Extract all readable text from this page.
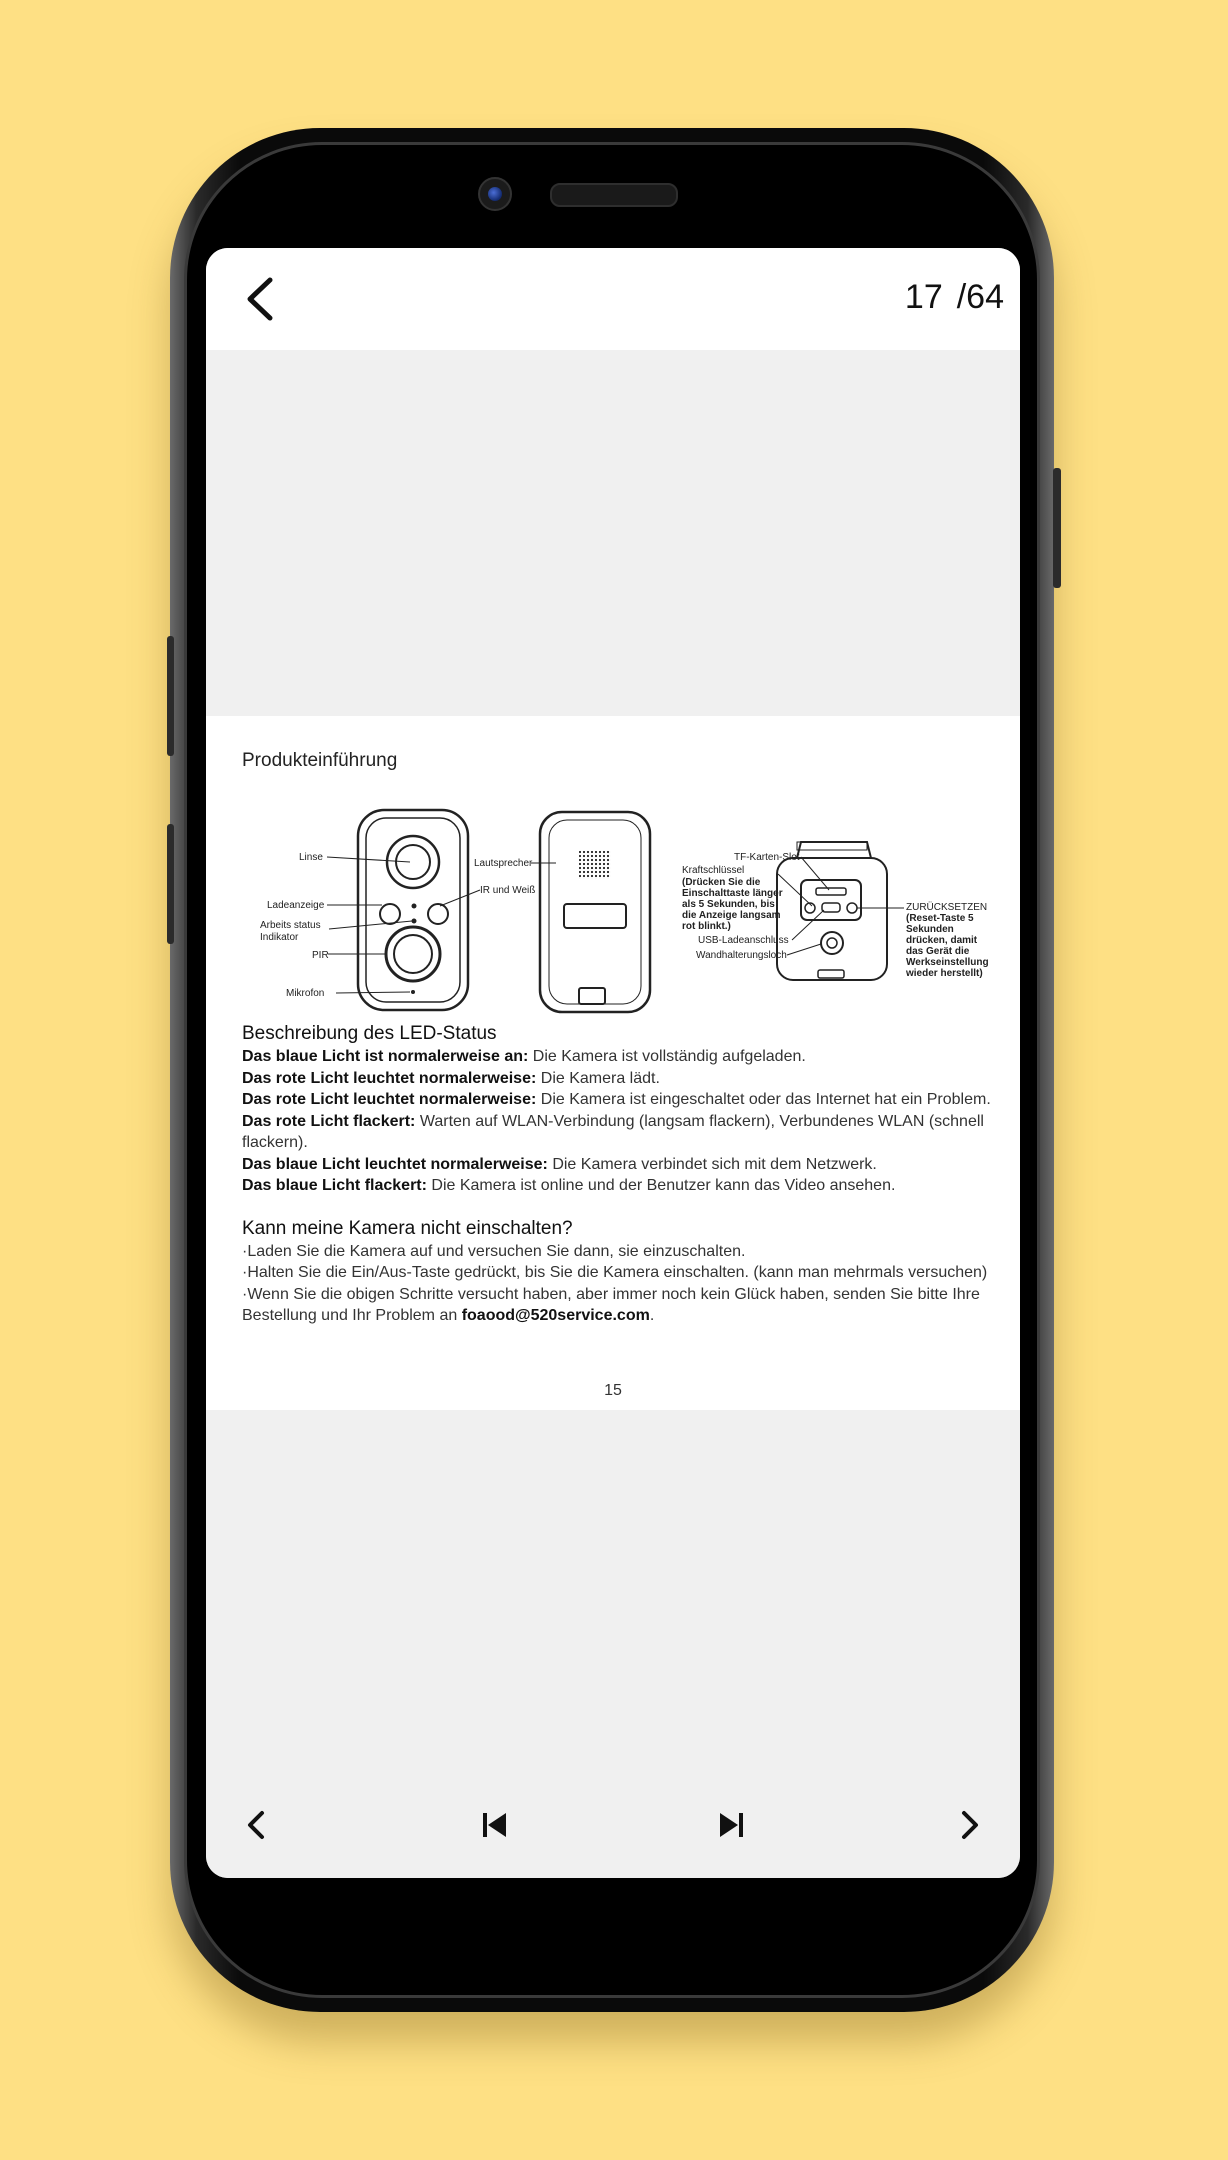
17 /64
Produkteinführung
Linse
Ladeanzeige
Arbeits status
Indikator
PIR
Mikrofon
Lautsprecher
IR und Weiß
TF-Karten-Slot
Kraftschlüssel
(Drücken Sie die
Einschalttaste länger
als 5 Sekunden, bis
die Anzeige langsam
rot blinkt.)
USB-Ladeanschluss
Wandhalterungsloch
ZURÜCKSETZEN
(Reset-Taste 5
Sekunden
drücken, damit
das Gerät die
Werkseinstellung
wieder herstellt)
Beschreibung des LED-Status

Das blaue Licht ist normalerweise an: Die Kamera ist vollständig aufgeladen.

Das rote Licht leuchtet normalerweise: Die Kamera lädt.

Das rote Licht leuchtet normalerweise: Die Kamera ist eingeschaltet oder das Internet hat ein Problem.

Das rote Licht flackert: Warten auf WLAN-Verbindung (langsam flackern), Verbundenes WLAN (schnell flackern).

Das blaue Licht leuchtet normalerweise: Die Kamera verbindet sich mit dem Netzwerk.

Das blaue Licht flackert: Die Kamera ist online und der Benutzer kann das Video ansehen.

Kann meine Kamera nicht einschalten?

·Laden Sie die Kamera auf und versuchen Sie dann, sie einzuschalten.

·Halten Sie die Ein/Aus-Taste gedrückt, bis Sie die Kamera einschalten. (kann man mehrmals versuchen)

·Wenn Sie die obigen Schritte versucht haben, aber immer noch kein Glück haben, senden Sie bitte Ihre Bestellung und Ihr Problem an foaood@520service.com.

15
